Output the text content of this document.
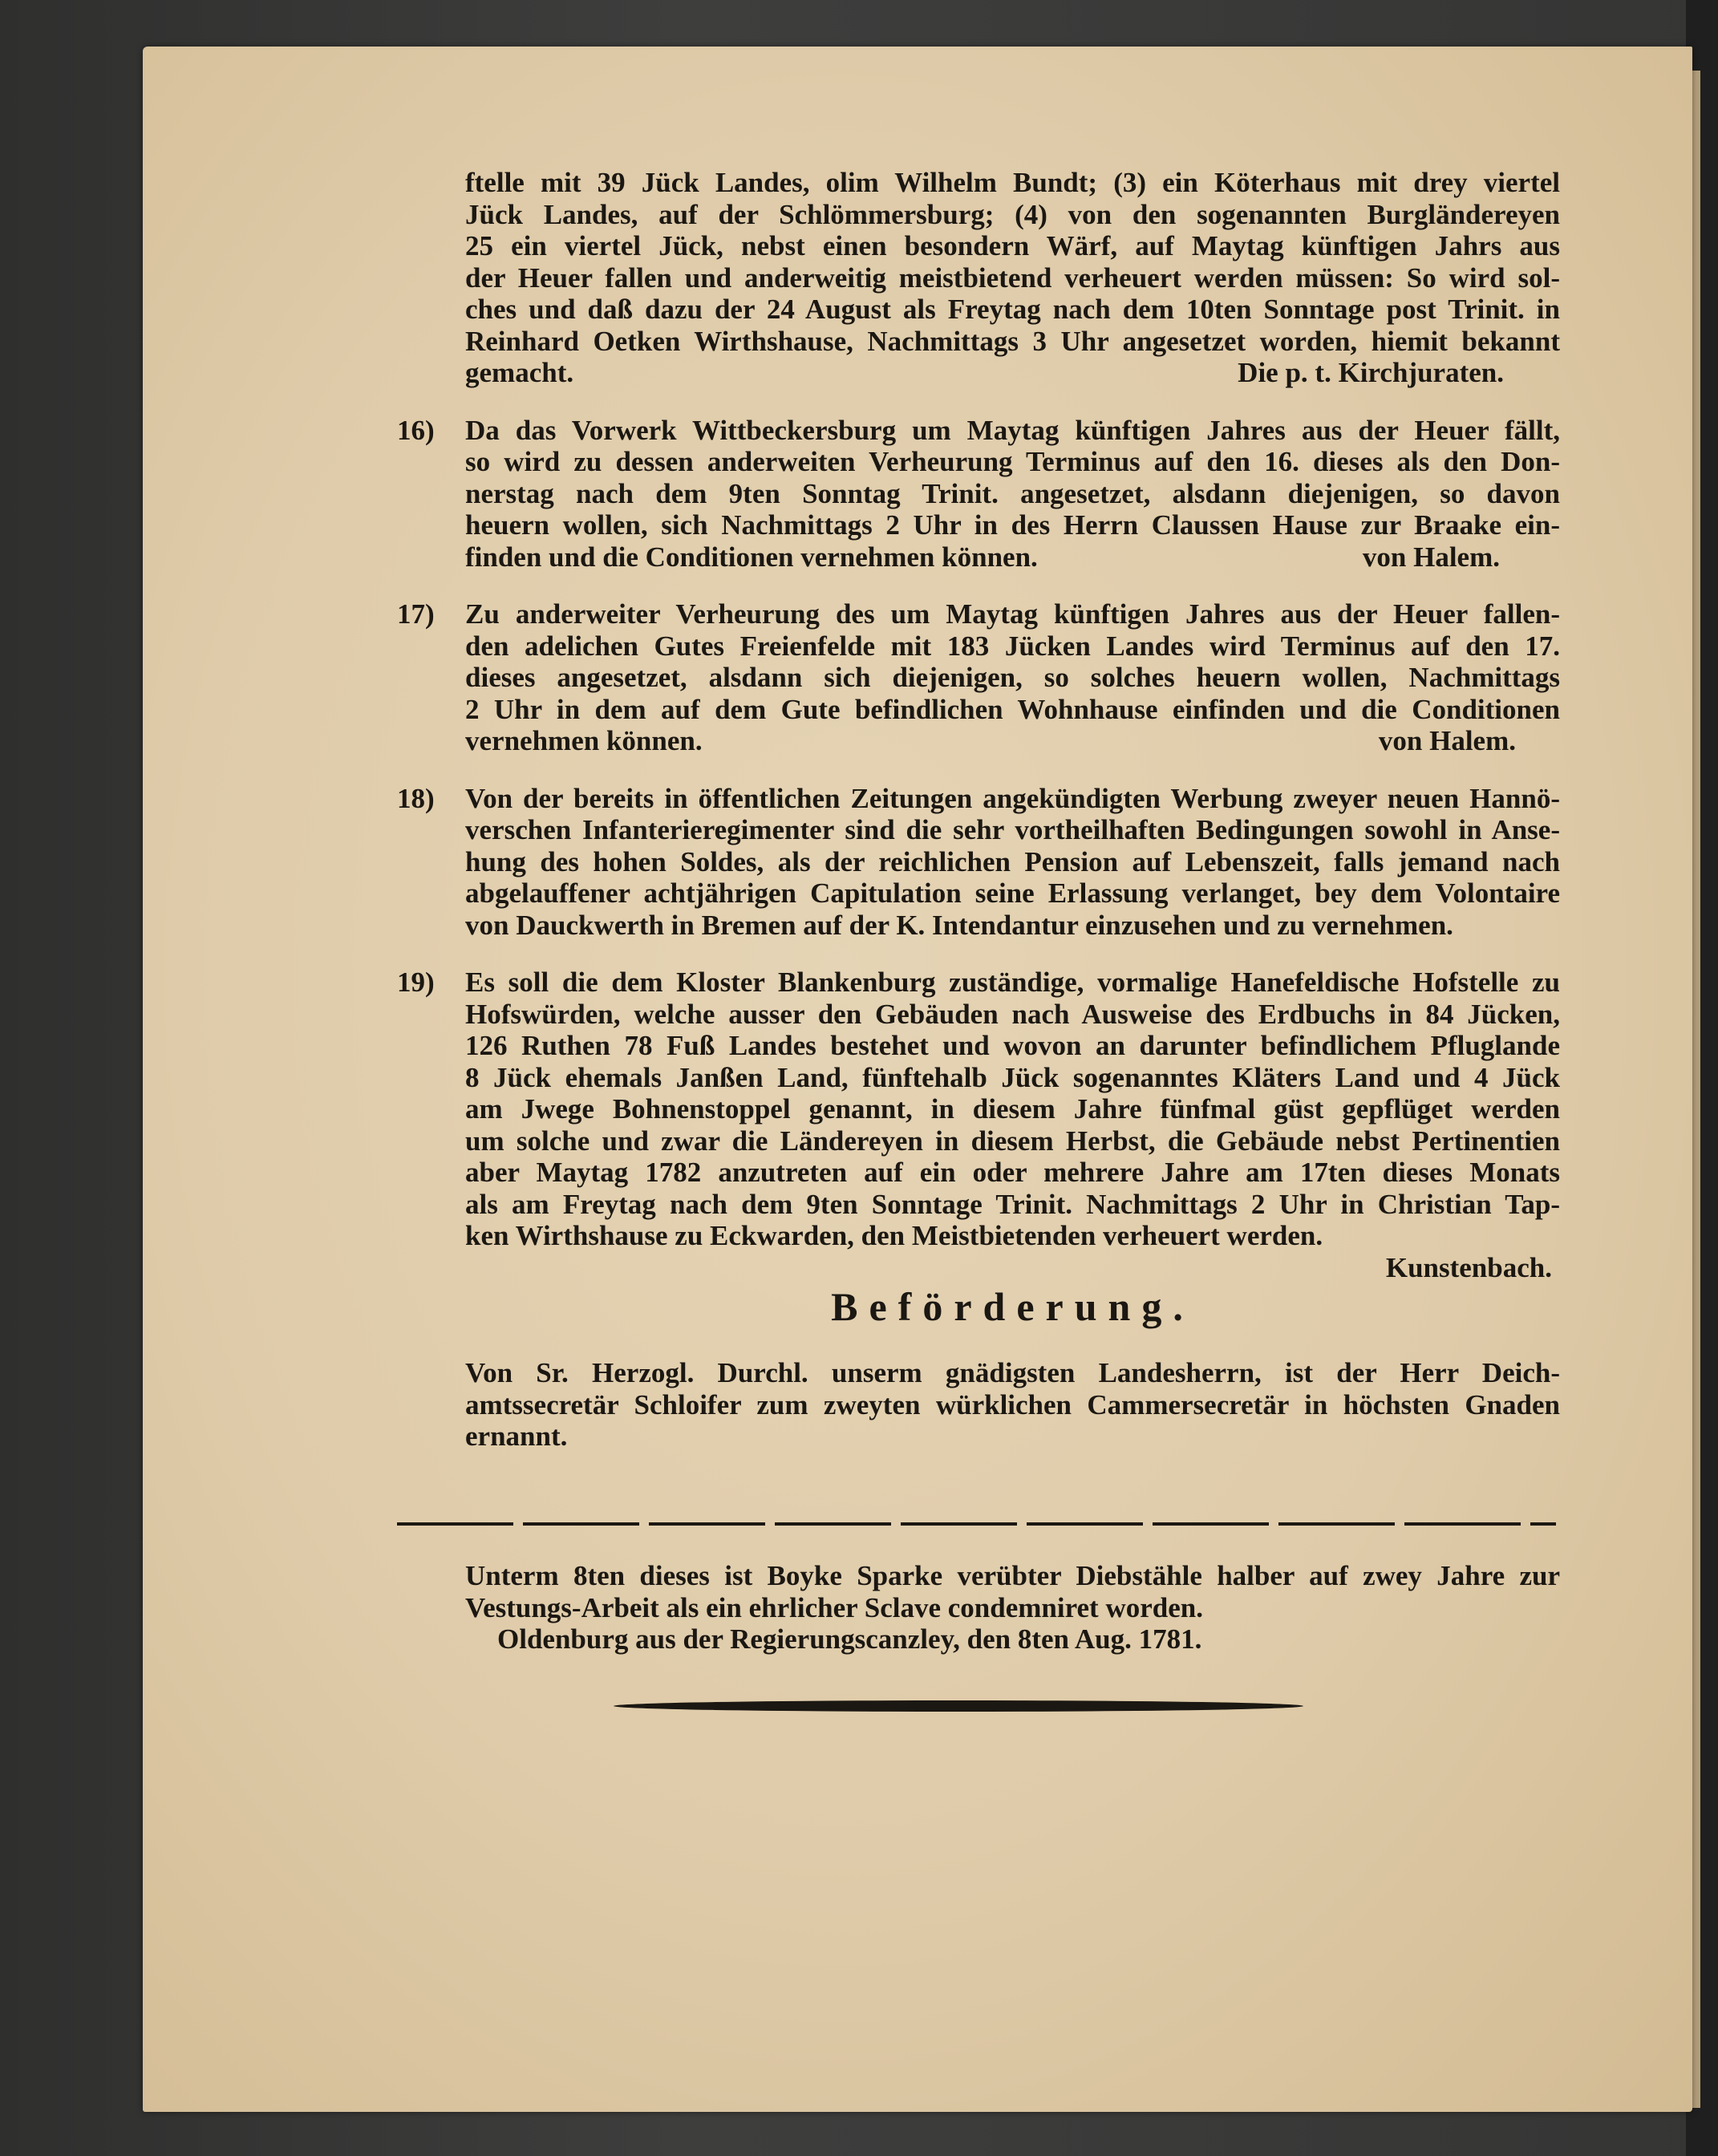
ftelle mit 39 Jück Landes, olim Wilhelm Bundt; (3) ein Köterhaus mit drey viertel
Jück Landes, auf der Schlömmersburg; (4) von den sogenannten Burgländereyen
25 ein viertel Jück, nebst einen besondern Wärf, auf Maytag künftigen Jahrs aus
der Heuer fallen und anderweitig meistbietend verheuert werden müssen: So wird sol-
ches und daß dazu der 24 August als Freytag nach dem 10ten Sonntage post Trinit. in
Reinhard Oetken Wirthshause, Nachmittags 3 Uhr angesetzet worden, hiemit bekannt
gemacht.	Die p. t. Kirchjuraten.
16) Da das Vorwerk Wittbeckersburg um Maytag künftigen Jahres aus der Heuer fällt,
so wird zu dessen anderweiten Verheurung Terminus auf den 16. dieses als den Don-
nerstag nach dem 9ten Sonntag Trinit. angesetzet, alsdann diejenigen, so davon
heuern wollen, sich Nachmittags 2 Uhr in des Herrn Claussen Hause zur Braake ein-
finden und die Conditionen vernehmen können.	von Halem.
17) Zu anderweiter Verheurung des um Maytag künftigen Jahres aus der Heuer fallen-
den adelichen Gutes Freienfelde mit 183 Jücken Landes wird Terminus auf den 17.
dieses angesetzet, alsdann sich diejenigen, so solches heuern wollen, Nachmittags
2 Uhr in dem auf dem Gute befindlichen Wohnhause einfinden und die Conditionen
vernehmen können.	von Halem.
18) Von der bereits in öffentlichen Zeitungen angekündigten Werbung zweyer neuen Hannö-
verschen Infanterieregimenter sind die sehr vortheilhaften Bedingungen sowohl in Anse-
hung des hohen Soldes, als der reichlichen Pension auf Lebenszeit, falls jemand nach
abgelauffener achtjährigen Capitulation seine Erlassung verlanget, bey dem Volontaire
von Dauckwerth in Bremen auf der K. Intendantur einzusehen und zu vernehmen.
19) Es soll die dem Kloster Blankenburg zuständige, vormalige Hanefeldische Hofstelle zu
Hofswürden, welche ausser den Gebäuden nach Ausweise des Erdbuchs in 84 Jücken,
126 Ruthen 78 Fuß Landes bestehet und wovon an darunter befindlichem Pfluglande
8 Jück ehemals Janßen Land, fünftehalb Jück sogenanntes Kläters Land und 4 Jück
am Jwege Bohnenstoppel genannt, in diesem Jahre fünfmal güst gepflüget werden
um solche und zwar die Ländereyen in diesem Herbst, die Gebäude nebst Pertinentien
aber Maytag 1782 anzutreten auf ein oder mehrere Jahre am 17ten dieses Monats
als am Freytag nach dem 9ten Sonntage Trinit. Nachmittags 2 Uhr in Christian Tap-
ken Wirthshause zu Eckwarden, den Meistbietenden verheuert werden.
Kunstenbach.
Beförderung.
Von Sr. Herzogl. Durchl. unserm gnädigsten Landesherrn, ist der Herr Deich-
amtssecretär Schloifer zum zweyten würklichen Cammersecretär in höchsten Gnaden
ernannt.
Unterm 8ten dieses ist Boyke Sparke verübter Diebstähle halber auf zwey Jahre zur
Vestungs-Arbeit als ein ehrlicher Sclave condemniret worden.
Oldenburg aus der Regierungscanzley, den 8ten Aug. 1781.
